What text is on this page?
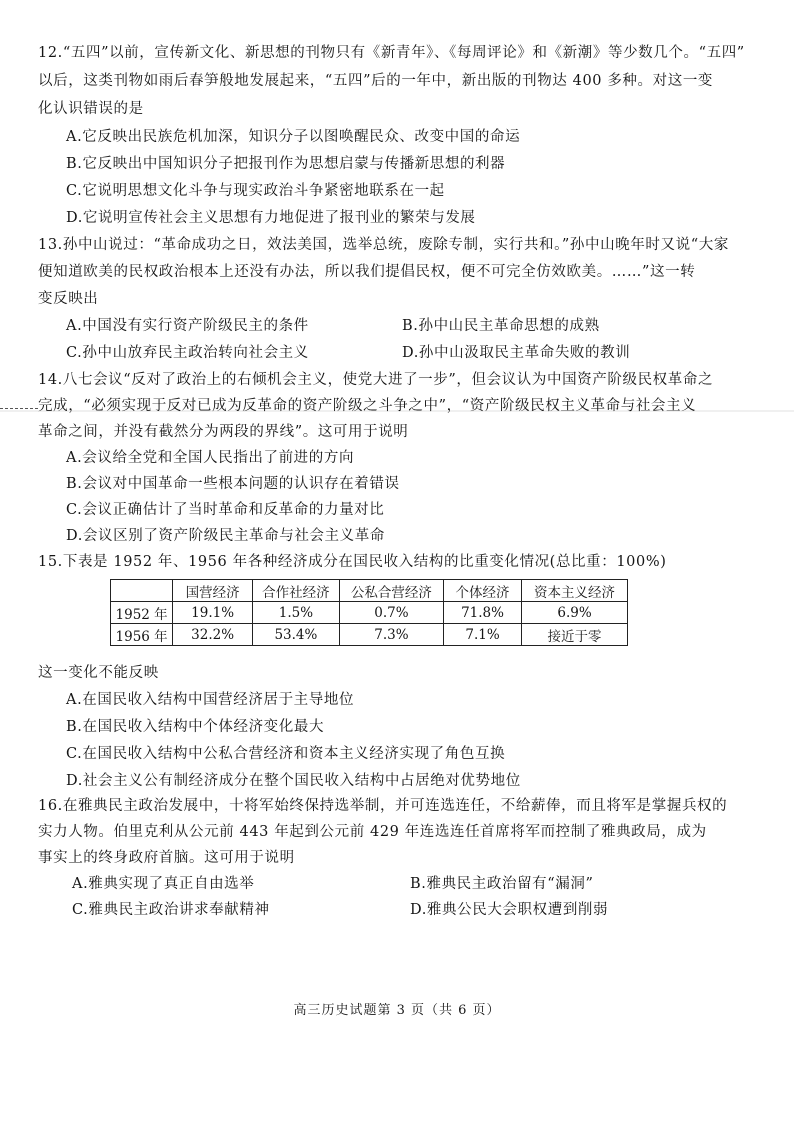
12.“五四”以前，宣传新文化、新思想的刊物只有《新青年》、《每周评论》和《新潮》等少数几个。“五四”
以后，这类刊物如雨后春笋般地发展起来，“五四”后的一年中，新出版的刊物达 400 多种。对这一变
化认识错误的是
A.它反映出民族危机加深，知识分子以图唤醒民众、改变中国的命运
B.它反映出中国知识分子把报刊作为思想启蒙与传播新思想的利器
C.它说明思想文化斗争与现实政治斗争紧密地联系在一起
D.它说明宣传社会主义思想有力地促进了报刊业的繁荣与发展
13.孙中山说过：“革命成功之日，效法美国，选举总统，废除专制，实行共和。”孙中山晚年时又说“大家
便知道欧美的民权政治根本上还没有办法，所以我们提倡民权，便不可完全仿效欧美。……”这一转
变反映出
A.中国没有实行资产阶级民主的条件	B.孙中山民主革命思想的成熟
C.孙中山放弃民主政治转向社会主义	D.孙中山汲取民主革命失败的教训
14.八七会议“反对了政治上的右倾机会主义，使党大进了一步”，但会议认为中国资产阶级民权革命之
完成，“必须实现于反对已成为反革命的资产阶级之斗争之中”，“资产阶级民权主义革命与社会主义
革命之间，并没有截然分为两段的界线”。这可用于说明
A.会议给全党和全国人民指出了前进的方向
B.会议对中国革命一些根本问题的认识存在着错误
C.会议正确估计了当时革命和反革命的力量对比
D.会议区别了资产阶级民主革命与社会主义革命
15.下表是 1952 年、1956 年各种经济成分在国民收入结构的比重变化情况(总比重：100%)
	国营经济	合作社经济	公私合营经济	个体经济	资本主义经济
1952 年	19.1%	1.5%	0.7%	71.8%	6.9%
1956 年	32.2%	53.4%	7.3%	7.1%	接近于零
这一变化不能反映
A.在国民收入结构中国营经济居于主导地位
B.在国民收入结构中个体经济变化最大
C.在国民收入结构中公私合营经济和资本主义经济实现了角色互换
D.社会主义公有制经济成分在整个国民收入结构中占居绝对优势地位
16.在雅典民主政治发展中，十将军始终保持选举制，并可连选连任，不给薪俸，而且将军是掌握兵权的
实力人物。伯里克利从公元前 443 年起到公元前 429 年连选连任首席将军而控制了雅典政局，成为
事实上的终身政府首脑。这可用于说明
A.雅典实现了真正自由选举	B.雅典民主政治留有“漏洞”
C.雅典民主政治讲求奉献精神	D.雅典公民大会职权遭到削弱
高三历史试题第 3 页（共 6 页）
